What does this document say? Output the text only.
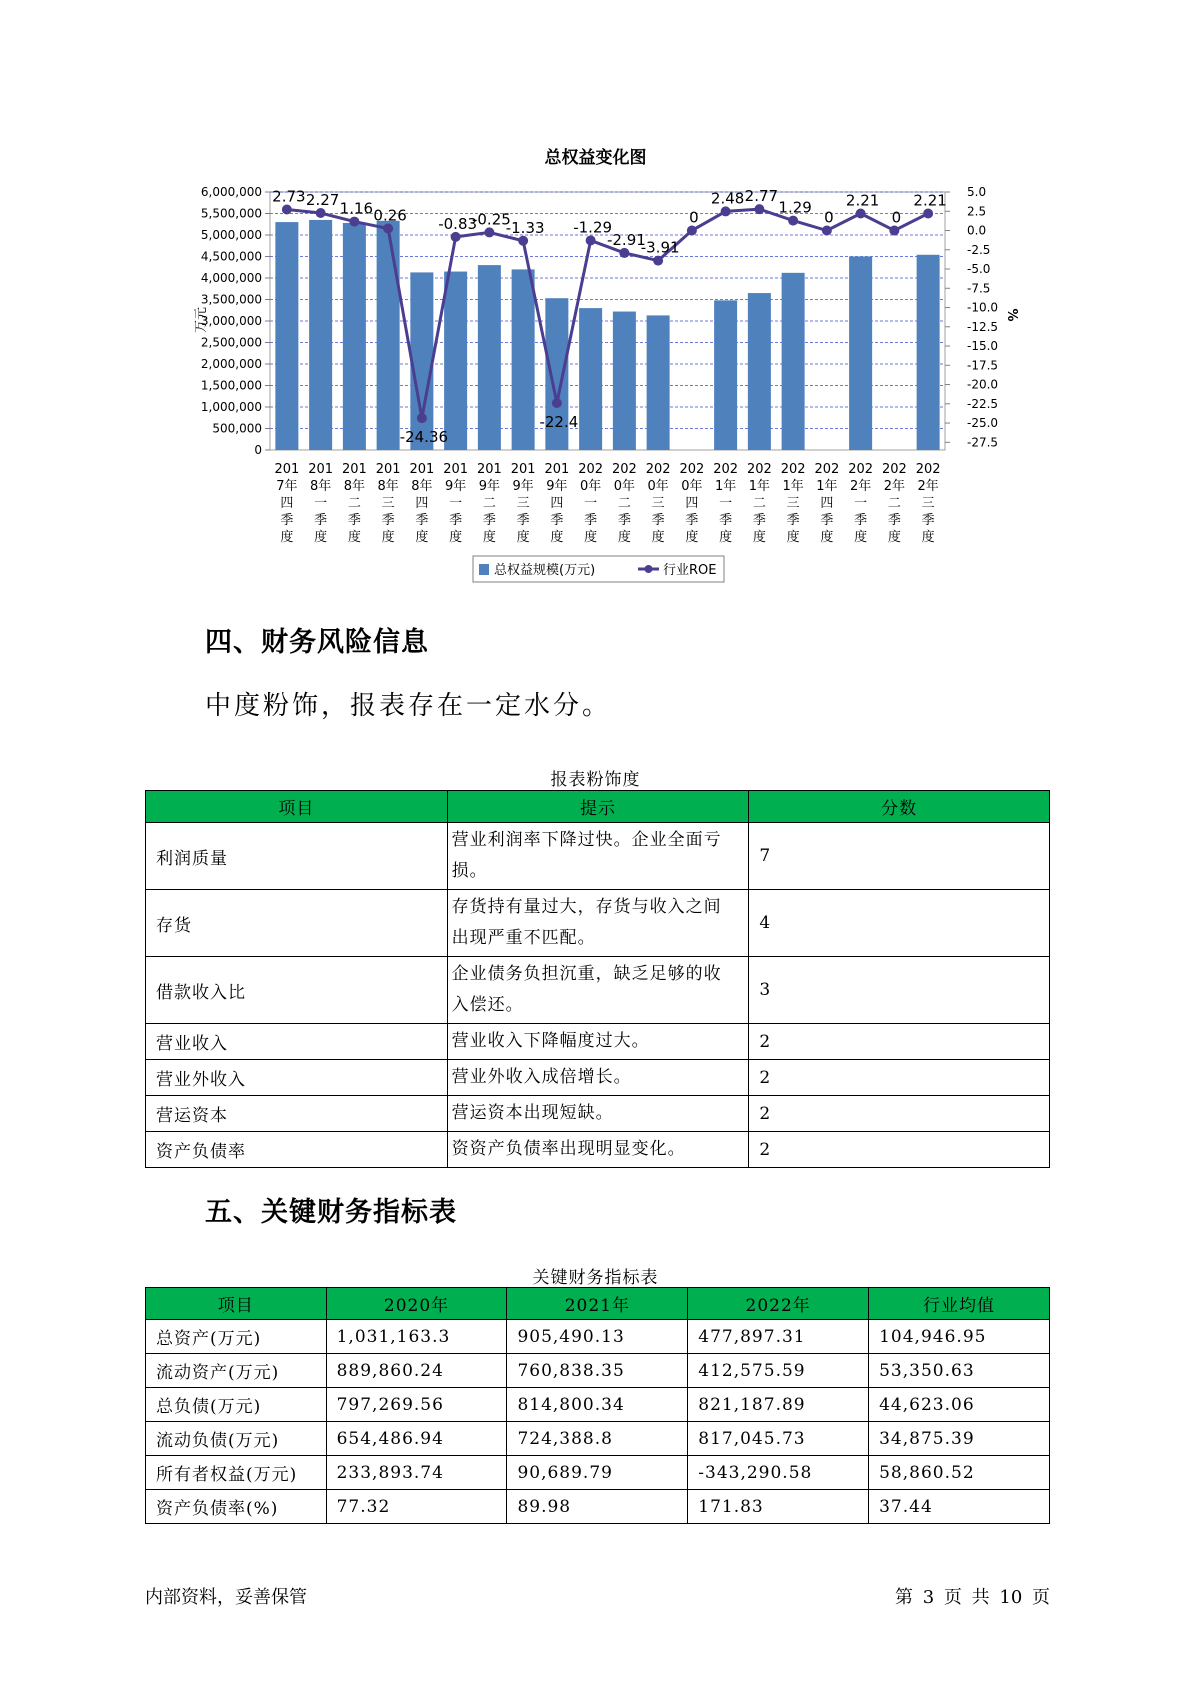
总权益变化图
6,000,000
5,500,000
5,000,000
4,500,000
4,000,000
3,500,000
3,000,000
2,500,000
2,000,000
1,500,000
1,000,000
500,000
0
5.0
2.5
0.0
-2.5
-5.0
-7.5
-10.0
-12.5
-15.0
-17.5
-20.0
-22.5
-25.0
-27.5
万元	%
201 7年四季度
201 8年一季度
201 8年二季度
201 8年三季度
201 8年四季度
201 9年一季度
201 9年二季度
201 9年三季度
201 9年四季度
202 0年一季度
202 0年二季度
202 0年三季度
202 0年四季度
202 1年一季度
202 1年二季度
202 1年三季度
202 1年四季度
202 2年一季度
202 2年二季度
202 2年三季度
2.73 2.27 1.16 0.26
-24.36
-0.83
-0.25
-1.33
-22.4
-1.29
-2.91
-3.91
0
2.48 2.77
1.29
0
2.21
0
2.21
总权益规模(万元)	行业ROE
四、财务风险信息
中度粉饰，报表存在一定水分。
报表粉饰度
项目	提示	分数
利润质量	营业利润率下降过快。企业全面亏损。	7
存货	存货持有量过大，存货与收入之间出现严重不匹配。	4
借款收入比	企业债务负担沉重，缺乏足够的收入偿还。	3
营业收入	营业收入下降幅度过大。	2
营业外收入	营业外收入成倍增长。	2
营运资本	营运资本出现短缺。	2
资产负债率	资资产负债率出现明显变化。	2
五、关键财务指标表
关键财务指标表
项目	2020年	2021年	2022年	行业均值
总资产(万元)	1,031,163.3	905,490.13	477,897.31	104,946.95
流动资产(万元)	889,860.24	760,838.35	412,575.59	53,350.63
总负债(万元)	797,269.56	814,800.34	821,187.89	44,623.06
流动负债(万元)	654,486.94	724,388.8	817,045.73	34,875.39
所有者权益(万元)	233,893.74	90,689.79	-343,290.58	58,860.52
资产负债率(%)	77.32	89.98	171.83	37.44
内部资料，妥善保管	第 3 页 共 10 页
